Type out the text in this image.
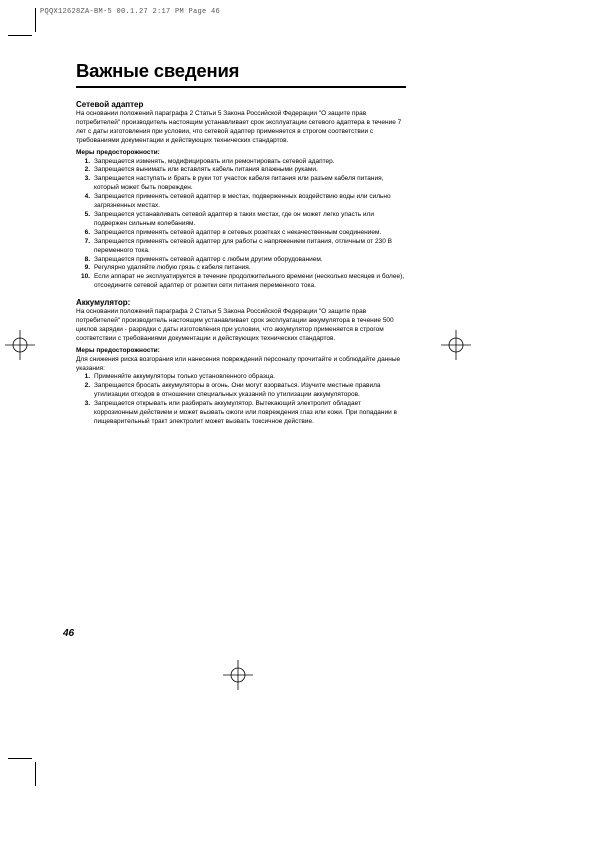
PQQX12628ZA-BM-5 00.1.27 2:17 PM Page 46
Важные сведения
Сетевой адаптер

На основании положений параграфа 2 Статьи 5 Закона Российской Федерации "О защите прав потребителей" производитель настоящим устанавливает срок эксплуатации сетевого адаптера в течение 7 лет с даты изготовления при условии, что сетевой адаптер применяется в строгом соответствии с требованиями документации и действующих технических стандартов.

Меры предосторожности:

1. Запрещается изменять, модифицировать или ремонтировать сетевой адаптер.
2. Запрещается вынимать или вставлять кабель питания влажными руками.
3. Запрещается наступать и брать в руки тот участок кабеля питания или разъем кабеля питания, который может быть поврежден.
4. Запрещается применять сетевой адаптер в местах, подверженных воздействию воды или сильно загрязненных местах.
5. Запрещается устанавливать сетевой адаптер в таких местах, где он может легко упасть или подвержен сильным колебаниям.
6. Запрещается применять сетевой адаптер в сетевых розетках с некачественным соединением.
7. Запрещается применять сетевой адаптер для работы с напряжением питания, отличным от 230 В переменного тока.
8. Запрещается применять сетевой адаптер с любым другим оборудованием.
9. Регулярно удаляйте любую грязь с кабеля питания.
10. Если аппарат не эксплуатируется в течение продолжительного времени (несколько месяцев и более), отсоедините сетевой адаптер от розетки сети питания переменного тока.
Аккумулятор:

На основании положений параграфа 2 Статьи 5 Закона Российской Федерации "О защите прав потребителей" производитель настоящим устанавливает срок эксплуатации аккумулятора в течение 500 циклов зарядки - разрядки с даты изготовления при условии, что аккумулятор применяется в строгом соответствии с требованиями документации и действующих технических стандартов.

Меры предосторожности:

Для снижения риска возгорания или нанесения повреждений персоналу прочитайте и соблюдайте данные указания:

1. Применяйте аккумуляторы только установленного образца.
2. Запрещается бросать аккумуляторы в огонь. Они могут взорваться. Изучите местные правила утилизации отходов в отношении специальных указаний по утилизации аккумуляторов.
3. Запрещается открывать или разбирать аккумулятор. Вытекающий электролит обладает коррозионным действием и может вызвать ожоги или повреждения глаз или кожи. При попадании в пищеварительный тракт электролит может вызвать токсичное действие.
46
